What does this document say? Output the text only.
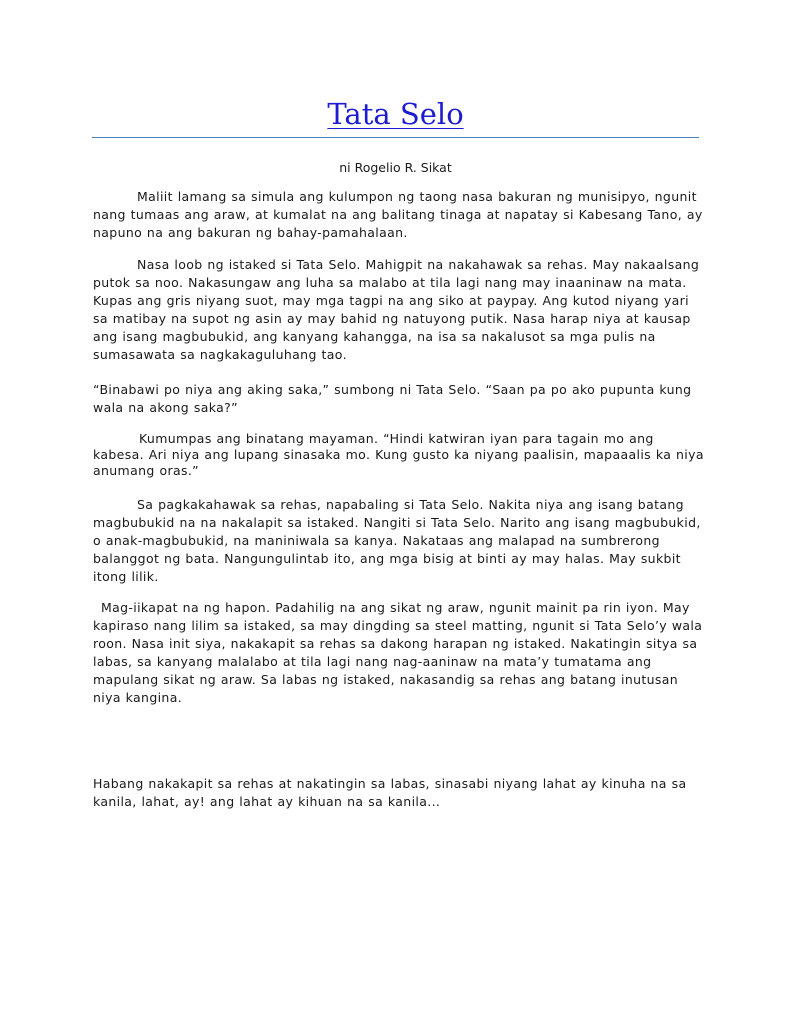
Tata Selo

ni Rogelio R. Sikat

Maliit lamang sa simula ang kulumpon ng taong nasa bakuran ng munisipyo, ngunit nang tumaas ang araw, at kumalat na ang balitang tinaga at napatay si Kabesang Tano, ay napuno na ang bakuran ng bahay-pamahalaan.

Nasa loob ng istaked si Tata Selo. Mahigpit na nakahawak sa rehas. May nakaalsang putok sa noo. Nakasungaw ang luha sa malabo at tila lagi nang may inaaninaw na mata. Kupas ang gris niyang suot, may mga tagpi na ang siko at paypay. Ang kutod niyang yari sa matibay na supot ng asin ay may bahid ng natuyong putik. Nasa harap niya at kausap ang isang magbubukid, ang kanyang kahangga, na isa sa nakalusot sa mga pulis na sumasawata sa nagkakaguluhang tao.

“Binabawi po niya ang aking saka,” sumbong ni Tata Selo. “Saan pa po ako pupunta kung wala na akong saka?”

Kumumpas ang binatang mayaman. “Hindi katwiran iyan para tagain mo ang kabesa. Ari niya ang lupang sinasaka mo. Kung gusto ka niyang paalisin, mapaaalis ka niya anumang oras.”

Sa pagkakahawak sa rehas, napabaling si Tata Selo. Nakita niya ang isang batang magbubukid na na nakalapit sa istaked. Nangiti si Tata Selo. Narito ang isang magbubukid, o anak-magbubukid, na maniniwala sa kanya. Nakataas ang malapad na sumbrerong balanggot ng bata. Nangungulintab ito, ang mga bisig at binti ay may halas. May sukbit itong lilik.

Mag-iikapat na ng hapon. Padahilig na ang sikat ng araw, ngunit mainit pa rin iyon. May kapiraso nang lilim sa istaked, sa may dingding sa steel matting, ngunit si Tata Selo’y wala roon. Nasa init siya, nakakapit sa rehas sa dakong harapan ng istaked. Nakatingin sitya sa labas, sa kanyang malalabo at tila lagi nang nag-aaninaw na mata’y tumatama ang mapulang sikat ng araw. Sa labas ng istaked, nakasandig sa rehas ang batang inutusan niya kangina.

Habang nakakapit sa rehas at nakatingin sa labas, sinasabi niyang lahat ay kinuha na sa kanila, lahat, ay! ang lahat ay kihuan na sa kanila...
